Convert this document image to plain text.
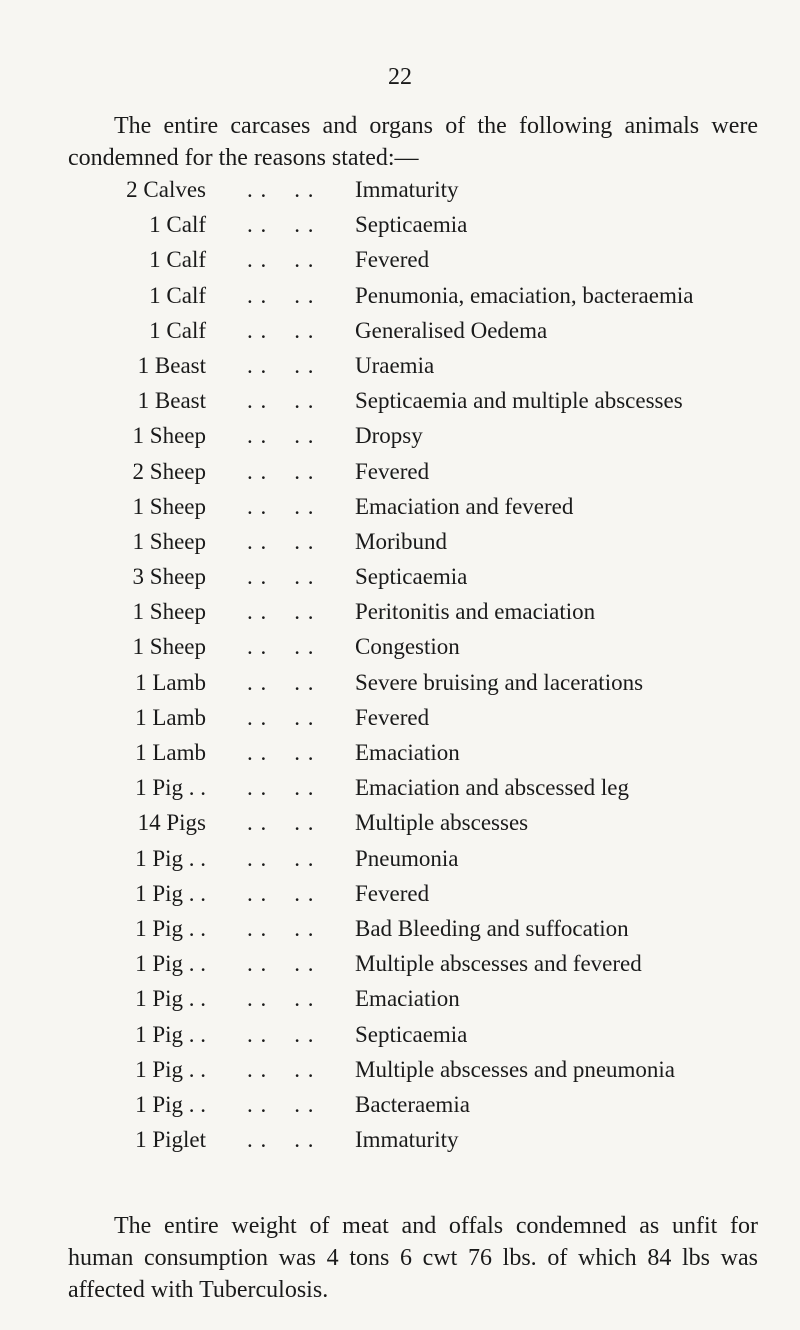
22
The entire carcases and organs of the following animals were
condemned for the reasons stated:—
2 Calves . .    . .	Immaturity
1 Calf . .    . .	Septicaemia
1 Calf . .    . .	Fevered
1 Calf . .    . .	Penumonia, emaciation, bacteraemia
1 Calf . .    . .	Generalised Oedema
1 Beast . .    . .	Uraemia
1 Beast . .    . .	Septicaemia and multiple abscesses
1 Sheep . .    . .	Dropsy
2 Sheep . .    . .	Fevered
1 Sheep . .    . .	Emaciation and fevered
1 Sheep . .    . .	Moribund
3 Sheep . .    . .	Septicaemia
1 Sheep . .    . .	Peritonitis and emaciation
1 Sheep . .    . .	Congestion
1 Lamb . .    . .	Severe bruising and lacerations
1 Lamb . .    . .	Fevered
1 Lamb . .    . .	Emaciation
1 Pig . . . .    . .	Emaciation and abscessed leg
14 Pigs . .    . .	Multiple abscesses
1 Pig . . . .    . .	Pneumonia
1 Pig . . . .    . .	Fevered
1 Pig . . . .    . .	Bad Bleeding and suffocation
1 Pig . . . .    . .	Multiple abscesses and fevered
1 Pig . . . .    . .	Emaciation
1 Pig . . . .    . .	Septicaemia
1 Pig . . . .    . .	Multiple abscesses and pneumonia
1 Pig . . . .    . .	Bacteraemia
1 Piglet . .    . .	Immaturity
The entire weight of meat and offals condemned as unfit for
human consumption was 4 tons 6 cwt 76 lbs. of which 84 lbs was
affected with Tuberculosis.
